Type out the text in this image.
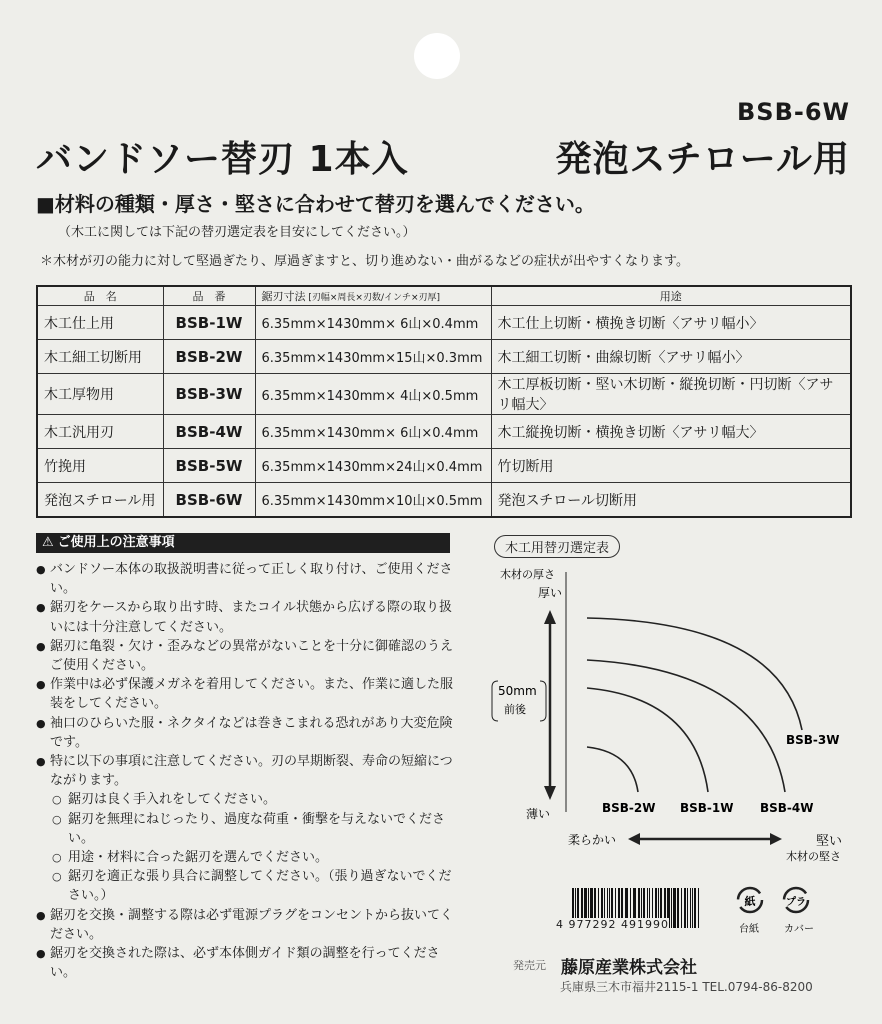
BSB-6W
バンドソー替刃 1本入	発泡スチロール用
■材料の種類・厚さ・堅さに合わせて替刃を選んでください。
（木工に関しては下記の替刃選定表を目安にしてください。）
＊木材が刃の能力に対して堅過ぎたり、厚過ぎますと、切り進めない・曲がるなどの症状が出やすくなります。
品　名	品　番	鋸刃寸法 [刃幅×周長×刃数/インチ×刃厚]	用途
木工仕上用	BSB-1W	6.35mm×1430mm× 6山×0.4mm	木工仕上切断・横挽き切断〈アサリ幅小〉
木工細工切断用	BSB-2W	6.35mm×1430mm×15山×0.3mm	木工細工切断・曲線切断〈アサリ幅小〉
木工厚物用	BSB-3W	6.35mm×1430mm× 4山×0.5mm	木工厚板切断・堅い木切断・縦挽切断・円切断〈アサリ幅大〉
木工汎用刃	BSB-4W	6.35mm×1430mm× 6山×0.4mm	木工縦挽切断・横挽き切断〈アサリ幅大〉
竹挽用	BSB-5W	6.35mm×1430mm×24山×0.4mm	竹切断用
発泡スチロール用	BSB-6W	6.35mm×1430mm×10山×0.5mm	発泡スチロール切断用
⚠ ご使用上の注意事項

● バンドソー本体の取扱説明書に従って正しく取り付け、ご使用ください。

● 鋸刃をケースから取り出す時、またコイル状態から広げる際の取り扱いには十分注意してください。

● 鋸刃に亀裂・欠け・歪みなどの異常がないことを十分に御確認のうえご使用ください。

● 作業中は必ず保護メガネを着用してください。また、作業に適した服装をしてください。

● 袖口のひらいた服・ネクタイなどは巻きこまれる恐れがあり大変危険です。

● 特に以下の事項に注意してください。刃の早期断裂、寿命の短縮につながります。

○ 鋸刃は良く手入れをしてください。

○ 鋸刃を無理にねじったり、過度な荷重・衝撃を与えないでください。

○ 用途・材料に合った鋸刃を選んでください。

○ 鋸刃を適正な張り具合に調整してください。（張り過ぎないでください。）

● 鋸刃を交換・調整する際は必ず電源プラグをコンセントから抜いてください。

● 鋸刃を交換された際は、必ず本体側ガイド類の調整を行ってください。

木工用替刃選定表
木材の厚さ
厚い
薄い
50mm
前後
BSB-3W
BSB-4W
BSB-1W
BSB-2W
柔らかい	堅い
木材の堅さ
4 977292 491990
紙	プラ
台紙	カバー
発売元 藤原産業株式会社
兵庫県三木市福井2115-1 TEL.0794-86-8200
